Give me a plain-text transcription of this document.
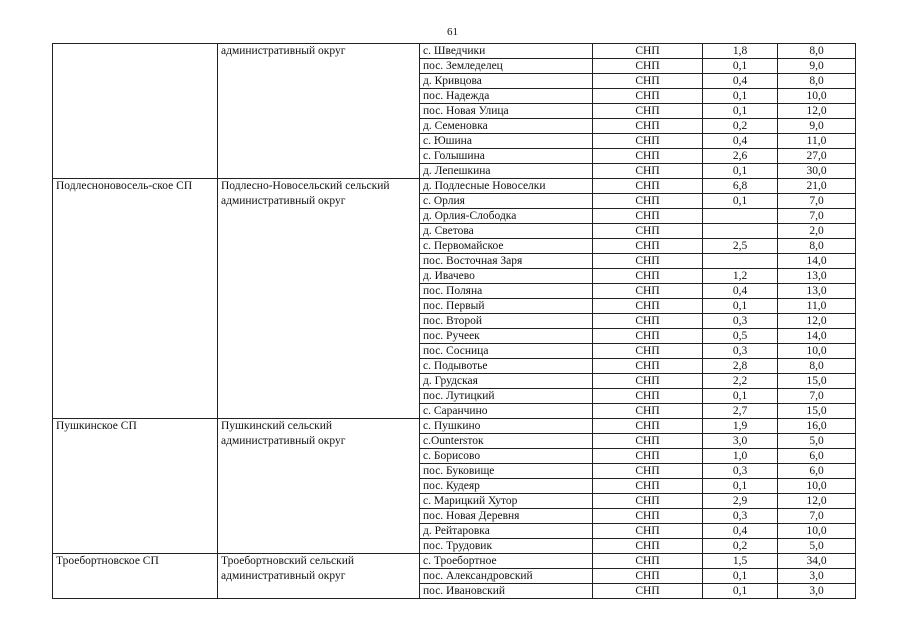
61
	административный округ	с. Шведчики	СНП	1,8	8,0
		пос. Земледелец	СНП	0,1	9,0
		д. Кривцова	СНП	0,4	8,0
		пос. Надежда	СНП	0,1	10,0
		пос. Новая Улица	СНП	0,1	12,0
		д. Семеновка	СНП	0,2	9,0
		с. Юшина	СНП	0,4	11,0
		с. Голышина	СНП	2,6	27,0
		д. Лепешкина	СНП	0,1	30,0
Подлесноновосель-ское СП	Подлесно-Новосельский сельский административный округ	д. Подлесные Новоселки	СНП	6,8	21,0
		с. Орлия	СНП	0,1	7,0
		д. Орлия-Слободка	СНП		7,0
		д. Светова	СНП		2,0
		с. Первомайское	СНП	2,5	8,0
		пос. Восточная Заря	СНП		14,0
		д. Ивачево	СНП	1,2	13,0
		пос. Поляна	СНП	0,4	13,0
		пос. Первый	СНП	0,1	11,0
		пос. Второй	СНП	0,3	12,0
		пос. Ручеек	СНП	0,5	14,0
		пос. Сосница	СНП	0,3	10,0
		с. Подывотье	СНП	2,8	8,0
		д. Грудская	СНП	2,2	15,0
		пос. Лутицкий	СНП	0,1	7,0
		с. Саранчино	СНП	2,7	15,0
Пушкинское СП	Пушкинский сельский административный округ	с. Пушкино	СНП	1,9	16,0
		с.Ountersток	СНП	3,0	5,0
		с. Борисово	СНП	1,0	6,0
		пос. Буковище	СНП	0,3	6,0
		пос. Кудеяр	СНП	0,1	10,0
		с. Марицкий Хутор	СНП	2,9	12,0
		пос. Новая Деревня	СНП	0,3	7,0
		д. Рейтаровка	СНП	0,4	10,0
		пос. Трудовик	СНП	0,2	5,0
Троебортновское СП	Троебортновский сельский административный округ	с. Троебортное	СНП	1,5	34,0
		пос. Александровский	СНП	0,1	3,0
		пос. Ивановский	СНП	0,1	3,0
